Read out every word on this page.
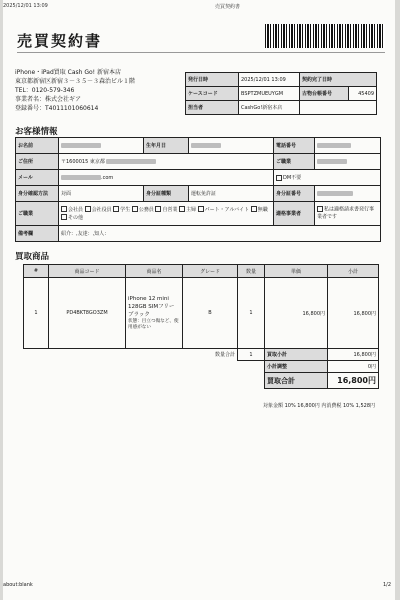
2025/12/01 13:09	売買契約書
売買契約書
iPhone・iPad買取 Cash Go! 新宿本店
東京都新宿区新宿３－３５－３森治ビル１階
TEL：0120-579-346
事業者名：株式会社ギア
登録番号：T4011101060614
発行日時	2025/12/01 13:09	契約完了日時	
ケースコード	BSPTZMUEUYGM	古物台帳番号	45409
担当者	CashGo!新宿本店		
お客様情報
お名前		生年月日		電話番号	
ご住所	〒1600015 東京都			ご職業	
メール	.com			DM不要	
身分確認方法	対面	身分証種類	運転免許証	身分証番号	
ご職業	会社員 会社役員 学生 公務員 自営業 主婦 パート・アルバイト 無職 その他			適格事業者	私は適格請求書発行事業者です
備考欄	紹介：,友達：,知人：				
買取商品
#	商品コード	商品名	グレード	数量	単価	小計
1	PD4BKT8GO3ZM	iPhone 12 mini 128GB SIMフリー ブラック
状態：目立つ傷など、使用感がない	B	1	16,800円	16,800円
数量合計				1	買取小計	16,800円
					小計調整	0円
					買取合計	16,800円
対象金額 10% 16,800円 内消費税 10% 1,528円
about:blank	1/2
